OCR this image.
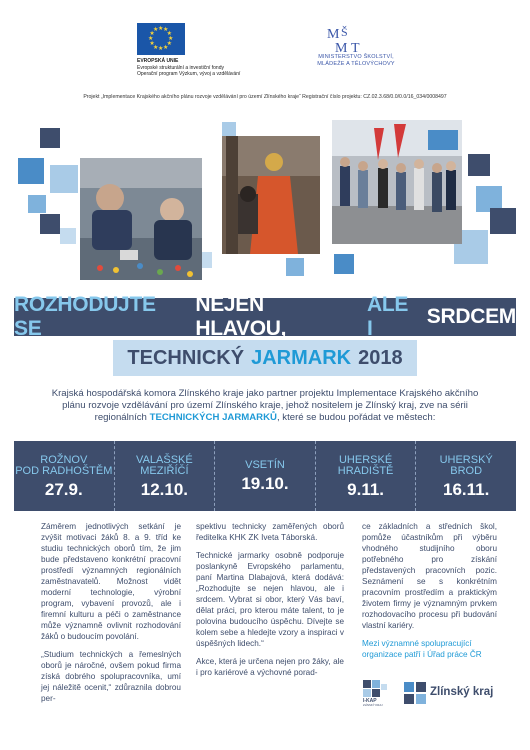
EVROPSKÁ UNIE
Evropské strukturální a investiční fondy
Operační program Výzkum, vývoj a vzdělávání
M Š
M T
MINISTERSTVO ŠKOLSTVÍ,
MLÁDEŽE A TĚLOVÝCHOVY
Projekt „Implementace Krajského akčního plánu rozvoje vzdělávání pro území Zlínského kraje“ Registrační číslo projektu: CZ.02.3.68/0.0/0.0/16_034/0008497
ROZHODUJTE SE
NEJEN HLAVOU,
ALE I
SRDCEM
TECHNICKÝ JARMARK 2018
Krajská hospodářská komora Zlínského kraje jako partner projektu Implementace Krajského akčního plánu rozvoje vzdělávání pro území Zlínského kraje, jehož nositelem je Zlínský kraj, zve na sérii regionálních TECHNICKÝCH JARMARKŮ, které se budou pořádat ve městech:
ROŽNOV
POD RADHOŠTĚM
27.9.
VALAŠSKÉ
MEZIŘÍČÍ
12.10.
VSETÍN
19.10.
UHERSKÉ
HRADIŠTĚ
9.11.
UHERSKÝ
BROD
16.11.

Záměrem jednotlivých setkání je zvýšit motivaci žáků 8. a 9. tříd ke studiu technických oborů tím, že jim bude představeno konkrétní pracovní prostředí významných regionálních zaměstnavatelů. Možnost vidět moderní technologie, výrobní program, vybavení provozů, ale i firemní kulturu a péči o zaměstnance může významně ovlivnit rozhodování žáků o budoucím povolání.

„Studium technických a řemeslných oborů je náročné, ovšem pokud firma získá dobrého spolupracovníka, umí jej náležitě ocenit,“ zdůraznila dobrou per-

spektivu technicky zaměřených oborů ředitelka KHK ZK Iveta Táborská.

Technické jarmarky osobně podporuje poslankyně Evropského parlamentu, paní Martina Dlabajová, která dodává: „Rozhodujte se nejen hlavou, ale i srdcem. Vybrat si obor, který Vás baví, dělat práci, pro kterou máte talent, to je polovina budoucího úspěchu. Dívejte se kolem sebe a hledejte vzory a inspiraci v úspěšných lidech.“

Akce, která je určena nejen pro žáky, ale i pro kariérové a výchovné porad-

ce základních a středních škol, pomůže účastníkům při výběru vhodného studijního oboru potřebného pro získání představených pracovních pozic. Seznámení se s konkrétním pracovním prostředím a praktickým životem firmy je významným prvkem rozhodovacího procesu při budování vlastní kariéry.

Mezi významné spolupracující organizace patří i Úřad práce ČR

I-KAP
ZLÍNSKÝ KRAJ
Zlínský kraj
★
★
★
★
★
★
★
★
★ ★ ★
★
